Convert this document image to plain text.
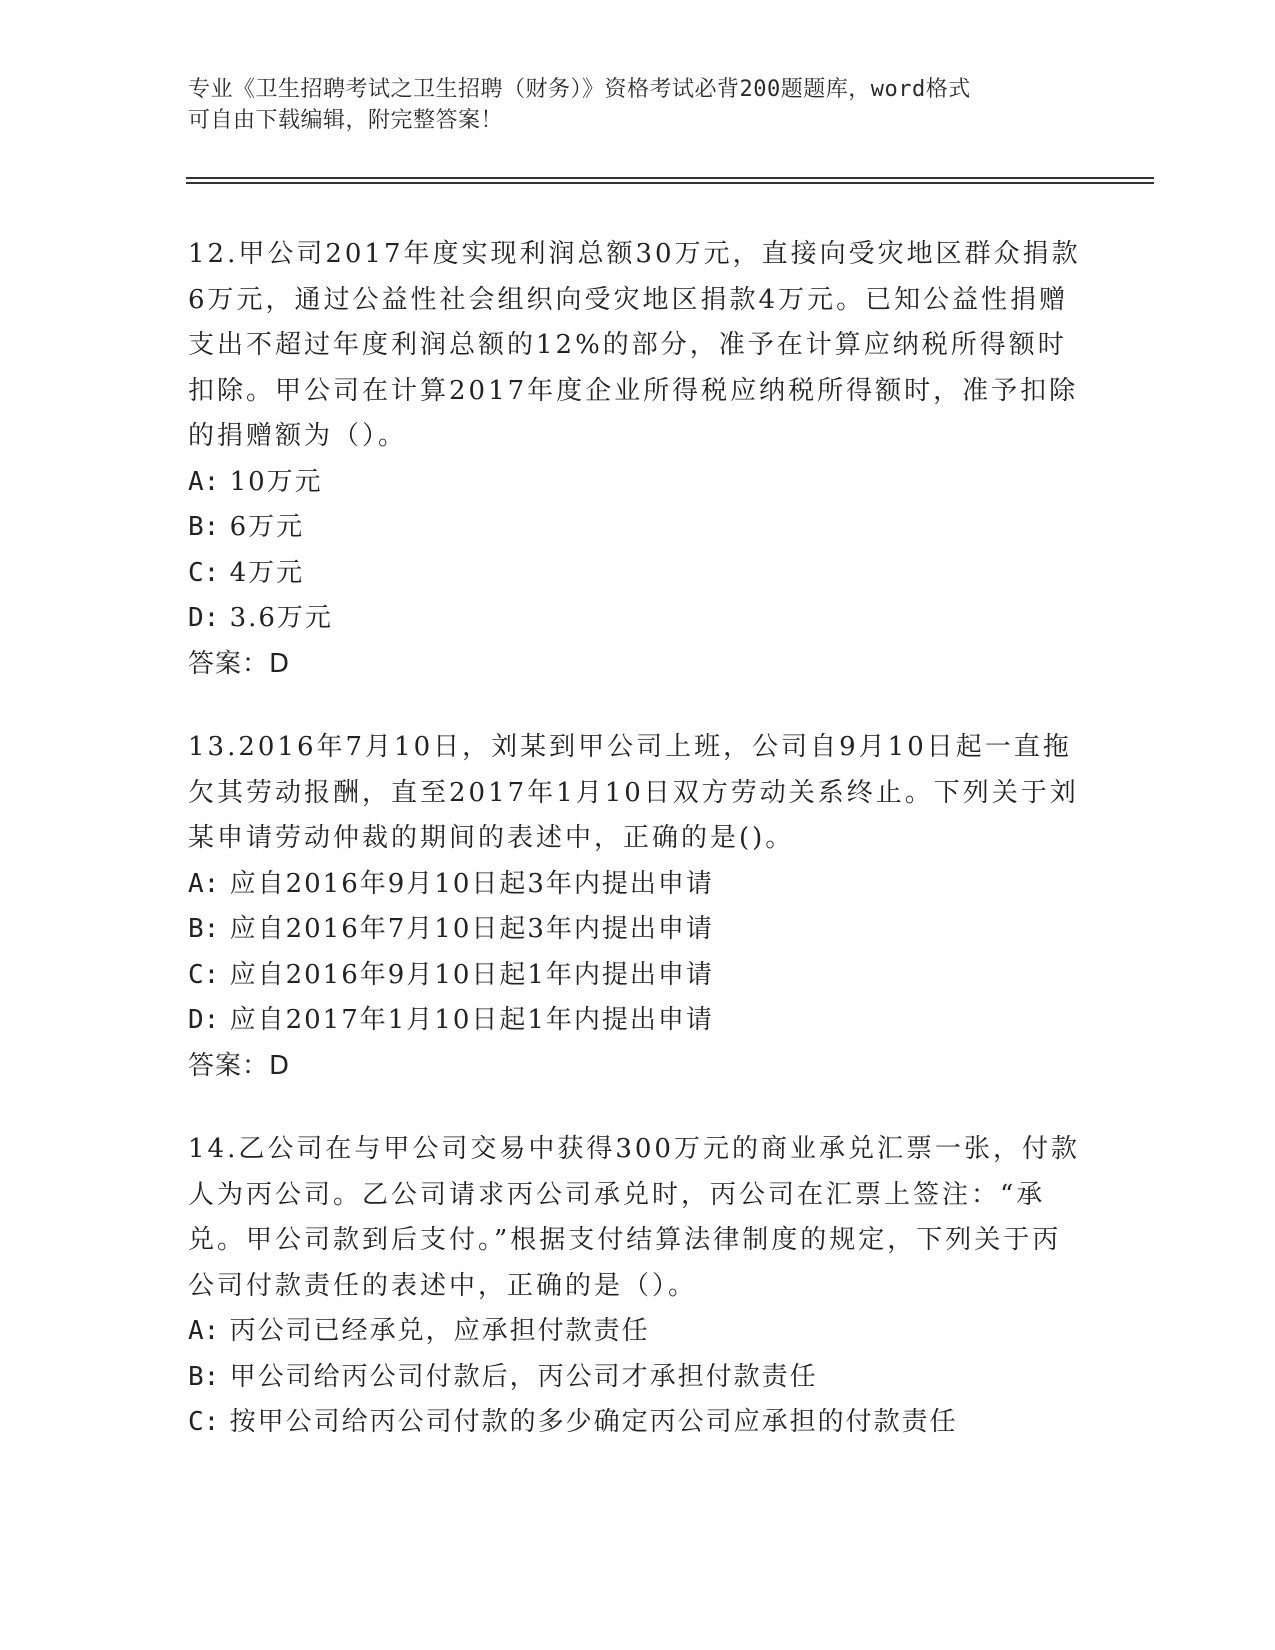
专业《卫生招聘考试之卫生招聘（财务）》资格考试必背200题题库，word格式
可自由下载编辑，附完整答案！

12.甲公司2017年度实现利润总额30万元，直接向受灾地区群众捐款6万元，通过公益性社会组织向受灾地区捐款4万元。已知公益性捐赠支出不超过年度利润总额的12%的部分，准予在计算应纳税所得额时扣除。甲公司在计算2017年度企业所得税应纳税所得额时，准予扣除的捐赠额为（）。

A: 10万元

B: 6万元

C: 4万元

D: 3.6万元

答案：D

13.2016年7月10日，刘某到甲公司上班，公司自9月10日起一直拖欠其劳动报酬，直至2017年1月10日双方劳动关系终止。下列关于刘某申请劳动仲裁的期间的表述中，正确的是()。

A: 应自2016年9月10日起3年内提出申请

B: 应自2016年7月10日起3年内提出申请

C: 应自2016年9月10日起1年内提出申请

D: 应自2017年1月10日起1年内提出申请

答案：D

14.乙公司在与甲公司交易中获得300万元的商业承兑汇票一张，付款人为丙公司。乙公司请求丙公司承兑时，丙公司在汇票上签注：“承兑。甲公司款到后支付。”根据支付结算法律制度的规定，下列关于丙公司付款责任的表述中，正确的是（）。

A: 丙公司已经承兑，应承担付款责任

B: 甲公司给丙公司付款后，丙公司才承担付款责任

C: 按甲公司给丙公司付款的多少确定丙公司应承担的付款责任
